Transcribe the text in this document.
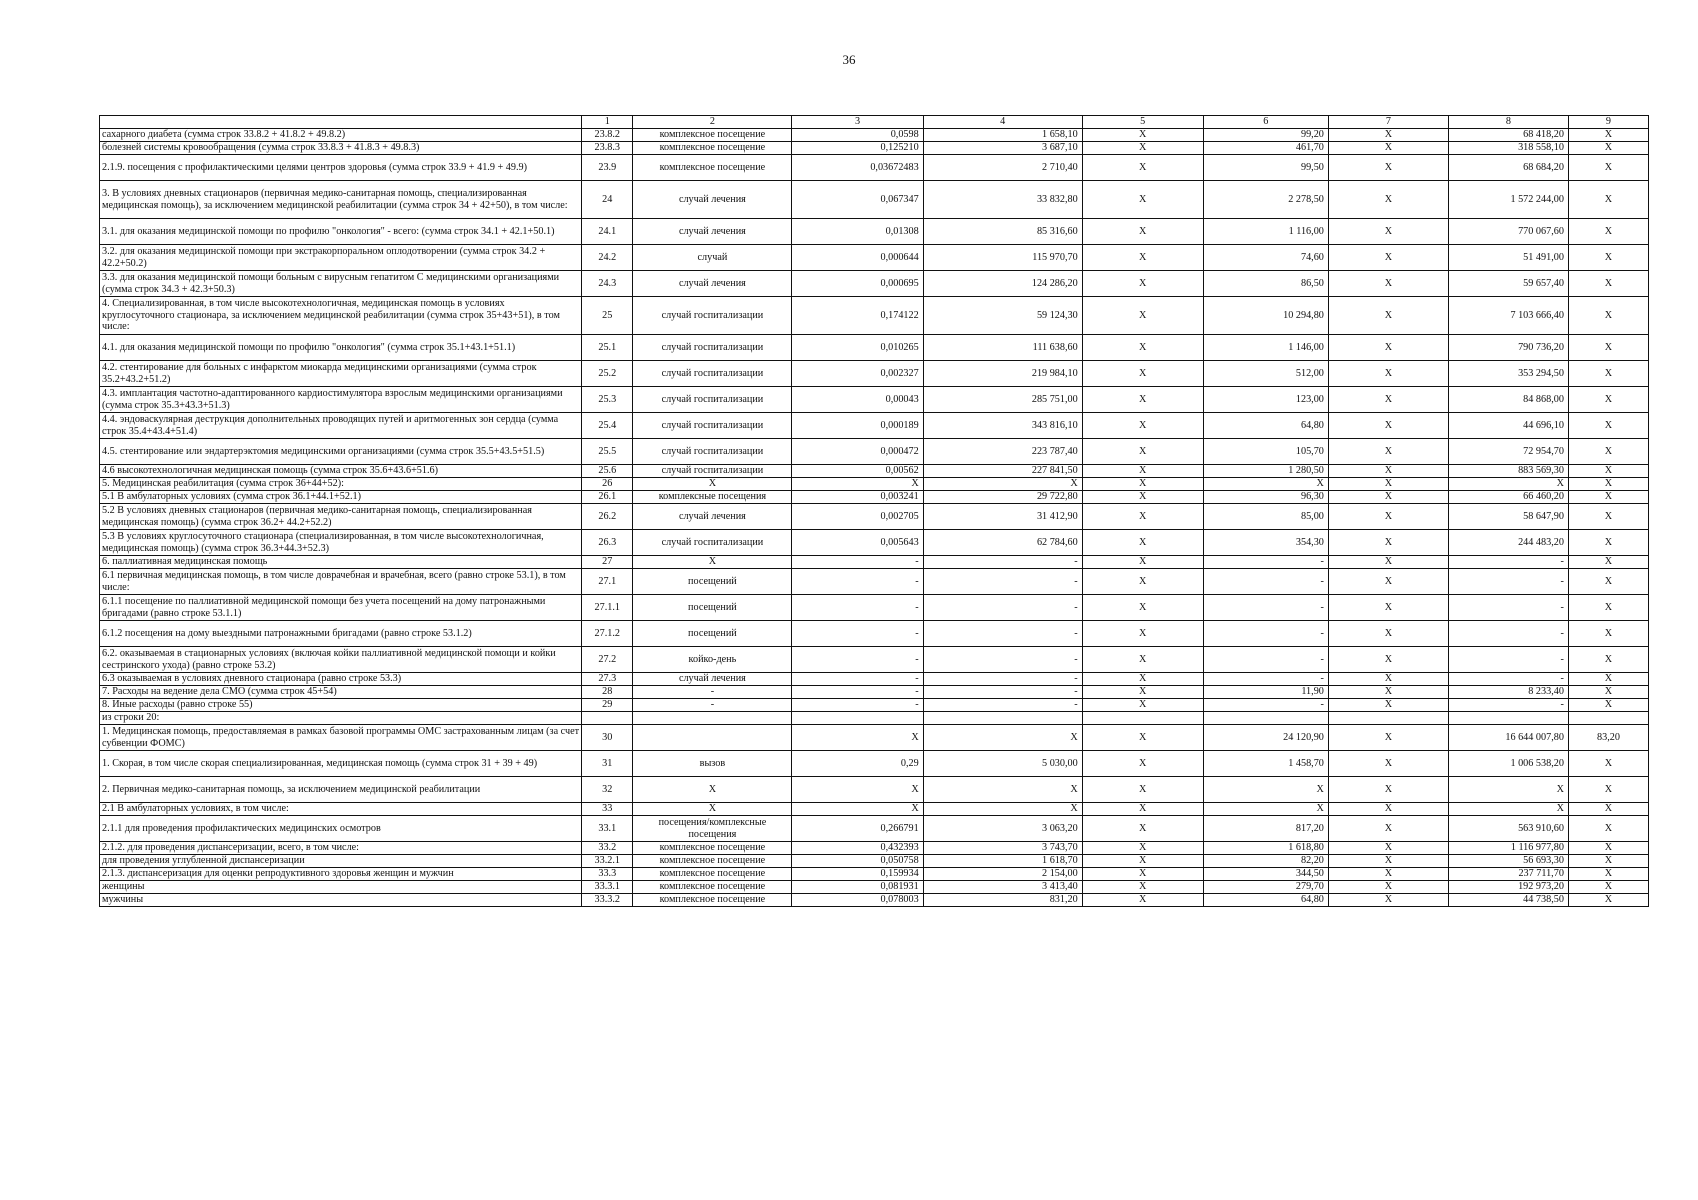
36
	1	2	3	4	5	6	7	8	9
сахарного диабета (сумма строк 33.8.2 + 41.8.2 + 49.8.2)	23.8.2	комплексное посещение	0,0598	1 658,10	X	99,20	X	68 418,20	X
болезней системы кровообращения (сумма строк 33.8.3 + 41.8.3 + 49.8.3)	23.8.3	комплексное посещение	0,125210	3 687,10	X	461,70	X	318 558,10	X
2.1.9. посещения с профилактическими целями центров здоровья (сумма строк 33.9 + 41.9 + 49.9)	23.9	комплексное посещение	0,03672483	2 710,40	X	99,50	X	68 684,20	X
3. В условиях дневных стационаров (первичная медико-санитарная помощь, специализированная медицинская помощь), за исключением медицинской реабилитации (сумма строк 34 + 42+50), в том числе:	24	случай лечения	0,067347	33 832,80	X	2 278,50	X	1 572 244,00	X
3.1. для оказания медицинской помощи по профилю "онкология" - всего: (сумма строк 34.1 + 42.1+50.1)	24.1	случай лечения	0,01308	85 316,60	X	1 116,00	X	770 067,60	X
3.2. для оказания медицинской помощи при экстракорпоральном оплодотворении (сумма строк 34.2 + 42.2+50.2)	24.2	случай	0,000644	115 970,70	X	74,60	X	51 491,00	X
3.3. для оказания медицинской помощи больным с вирусным гепатитом С медицинскими организациями (сумма строк 34.3 + 42.3+50.3)	24.3	случай лечения	0,000695	124 286,20	X	86,50	X	59 657,40	X
4. Специализированная, в том числе высокотехнологичная, медицинская помощь в условиях круглосуточного стационара, за исключением медицинской реабилитации (сумма строк 35+43+51), в том числе:	25	случай госпитализации	0,174122	59 124,30	X	10 294,80	X	7 103 666,40	X
4.1. для оказания медицинской помощи по профилю "онкология" (сумма строк 35.1+43.1+51.1)	25.1	случай госпитализации	0,010265	111 638,60	X	1 146,00	X	790 736,20	X
4.2. стентирование для больных с инфарктом миокарда медицинскими организациями (сумма строк 35.2+43.2+51.2)	25.2	случай госпитализации	0,002327	219 984,10	X	512,00	X	353 294,50	X
4.3. имплантация частотно-адаптированного кардиостимулятора взрослым медицинскими организациями (сумма строк 35.3+43.3+51.3)	25.3	случай госпитализации	0,00043	285 751,00	X	123,00	X	84 868,00	X
4.4. эндоваскулярная деструкция дополнительных проводящих путей и аритмогенных зон сердца (сумма строк 35.4+43.4+51.4)	25.4	случай госпитализации	0,000189	343 816,10	X	64,80	X	44 696,10	X
4.5. стентирование или эндартерэктомия медицинскими организациями (сумма строк 35.5+43.5+51.5)	25.5	случай госпитализации	0,000472	223 787,40	X	105,70	X	72 954,70	X
4.6 высокотехнологичная медицинская помощь (сумма строк 35.6+43.6+51.6)	25.6	случай госпитализации	0,00562	227 841,50	X	1 280,50	X	883 569,30	X
5. Медицинская реабилитация (сумма строк 36+44+52):	26	X	X	X	X	X	X	X	X
5.1 В амбулаторных условиях (сумма строк 36.1+44.1+52.1)	26.1	комплексные посещения	0,003241	29 722,80	X	96,30	X	66 460,20	X
5.2 В условиях дневных стационаров (первичная медико-санитарная помощь, специализированная медицинская помощь) (сумма строк 36.2+ 44.2+52.2)	26.2	случай лечения	0,002705	31 412,90	X	85,00	X	58 647,90	X
5.3 В условиях круглосуточного стационара (специализированная, в том числе высокотехнологичная, медицинская помощь) (сумма строк 36.3+44.3+52.3)	26.3	случай госпитализации	0,005643	62 784,60	X	354,30	X	244 483,20	X
6. паллиативная медицинская помощь	27	X	-	-	X	-	X	-	X
6.1 первичная медицинская помощь, в том числе доврачебная и врачебная, всего (равно строке 53.1), в том числе:	27.1	посещений	-	-	X	-	X	-	X
6.1.1 посещение по паллиативной медицинской помощи без учета посещений на дому патронажными бригадами (равно строке 53.1.1)	27.1.1	посещений	-	-	X	-	X	-	X
6.1.2 посещения на дому выездными патронажными бригадами (равно строке 53.1.2)	27.1.2	посещений	-	-	X	-	X	-	X
6.2. оказываемая в стационарных условиях (включая койки паллиативной медицинской помощи и койки сестринского ухода) (равно строке 53.2)	27.2	койко-день	-	-	X	-	X	-	X
6.3 оказываемая в условиях дневного стационара (равно строке 53.3)	27.3	случай лечения	-	-	X	-	X	-	X
7. Расходы на ведение дела СМО (сумма строк 45+54)	28	-	-	-	X	11,90	X	8 233,40	X
8. Иные расходы (равно строке 55)	29	-	-	-	X	-	X	-	X
из строки 20:									
1. Медицинская помощь, предоставляемая в рамках базовой программы ОМС застрахованным лицам (за счет субвенции ФОМС)	30		X	X	X	24 120,90	X	16 644 007,80	83,20
1. Скорая, в том числе скорая специализированная, медицинская помощь (сумма строк 31 + 39 + 49)	31	вызов	0,29	5 030,00	X	1 458,70	X	1 006 538,20	X
2. Первичная медико-санитарная помощь, за исключением медицинской реабилитации	32	X	X	X	X	X	X	X	X
2.1 В амбулаторных условиях, в том числе:	33	X	X	X	X	X	X	X	X
2.1.1 для проведения профилактических медицинских осмотров	33.1	посещения/комплексные посещения	0,266791	3 063,20	X	817,20	X	563 910,60	X
2.1.2. для проведения диспансеризации, всего, в том числе:	33.2	комплексное посещение	0,432393	3 743,70	X	1 618,80	X	1 116 977,80	X
для проведения углубленной диспансеризации	33.2.1	комплексное посещение	0,050758	1 618,70	X	82,20	X	56 693,30	X
2.1.3. диспансеризация для оценки репродуктивного здоровья женщин и мужчин	33.3	комплексное посещение	0,159934	2 154,00	X	344,50	X	237 711,70	X
женщины	33.3.1	комплексное посещение	0,081931	3 413,40	X	279,70	X	192 973,20	X
мужчины	33.3.2	комплексное посещение	0,078003	831,20	X	64,80	X	44 738,50	X
